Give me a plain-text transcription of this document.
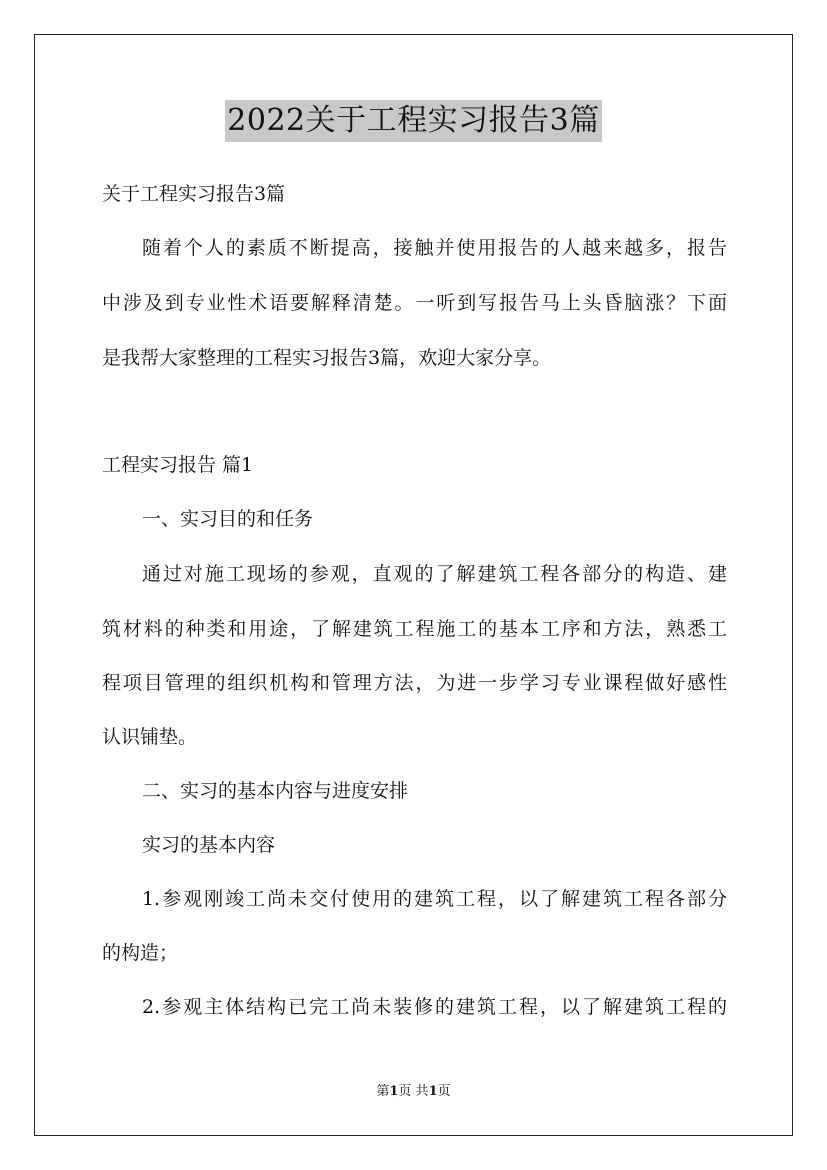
2022关于工程实习报告3篇
关于工程实习报告3篇
随着个人的素质不断提高，接触并使用报告的人越来越多，报告
中涉及到专业性术语要解释清楚。一听到写报告马上头昏脑涨？下面
是我帮大家整理的工程实习报告3篇，欢迎大家分享。
工程实习报告 篇1
一、实习目的和任务
通过对施工现场的参观，直观的了解建筑工程各部分的构造、建
筑材料的种类和用途，了解建筑工程施工的基本工序和方法，熟悉工
程项目管理的组织机构和管理方法，为进一步学习专业课程做好感性
认识铺垫。
二、实习的基本内容与进度安排
实习的基本内容
1.参观刚竣工尚未交付使用的建筑工程，以了解建筑工程各部分
的构造；
2.参观主体结构已完工尚未装修的建筑工程，以了解建筑工程的
第1页 共1页
